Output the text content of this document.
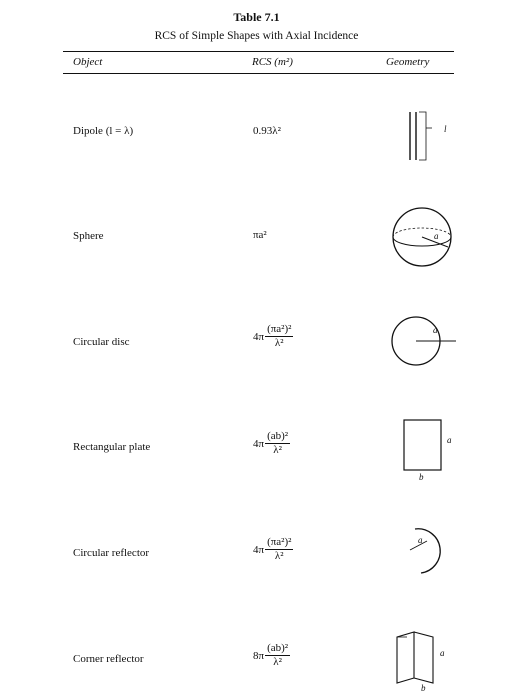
Table 7.1
RCS of Simple Shapes with Axial Incidence
Object	RCS (m²)	Geometry
Dipole (l = λ)	0.93λ²	l
Sphere	πa²	a
Circular disc	$4\pi \frac{\text{(πa²)²}}{\text{λ²}}$	a
Rectangular plate	$4\pi \frac{\text{(ab)²}}{\text{λ²}}$	a
b
Circular reflector	$4\pi \frac{\text{(πa²)²}}{\text{λ²}}$	a
Corner reflector	$8\pi \frac{\text{(ab)²}}{\text{λ²}}$	a
b
